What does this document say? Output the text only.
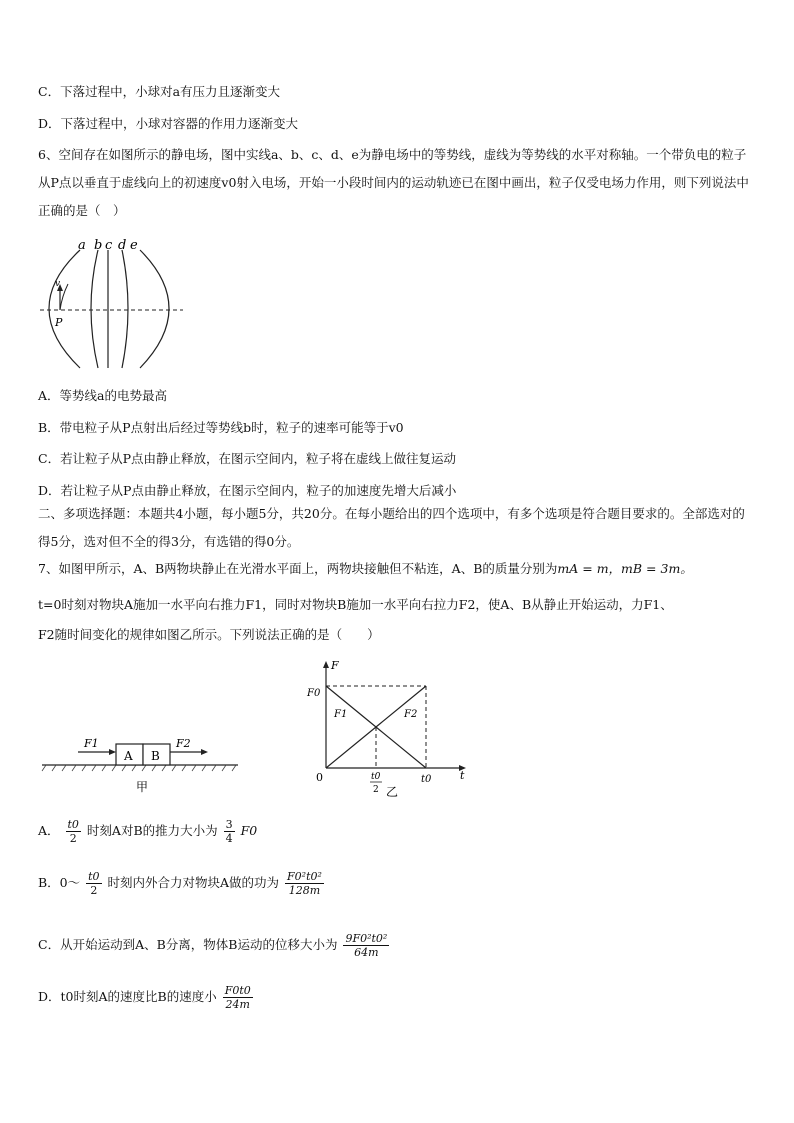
C．下落过程中，小球对a有压力且逐渐变大
D．下落过程中，小球对容器的作用力逐渐变大
6、空间存在如图所示的静电场，图中实线a、b、c、d、e为静电场中的等势线，虚线为等势线的水平对称轴。一个带负电的粒子从P点以垂直于虚线向上的初速度v0射入电场，开始一小段时间内的运动轨迹已在图中画出，粒子仅受电场力作用，则下列说法中正确的是（　）
a b c d e
P
v
A．等势线a的电势最高
B．带电粒子从P点射出后经过等势线b时，粒子的速率可能等于v0
C．若让粒子从P点由静止释放，在图示空间内，粒子将在虚线上做往复运动
D．若让粒子从P点由静止释放，在图示空间内，粒子的加速度先增大后减小
二、多项选择题：本题共4小题，每小题5分，共20分。在每小题给出的四个选项中，有多个选项是符合题目要求的。全部选对的得5分，选对但不全的得3分，有选错的得0分。
7、如图甲所示，A、B两物块静止在光滑水平面上，两物块接触但不粘连，A、B的质量分别为mA = m，mB = 3m。
t=0时刻对物块A施加一水平向右推力F1，同时对物块B施加一水平向右拉力F2，使A、B从静止开始运动，力F1、
F2随时间变化的规律如图乙所示。下列说法正确的是（　　）
A B
F1	F2
甲
F
t
0
F0
F1	F2
t0
t0
2 乙
A． $\frac{t0}{2}$ 时刻A对B的推力大小为 $\frac{3}{4} F0$
B．0～ $\frac{t0}{2}$ 时刻内外合力对物块A做的功为 $\frac{\text{F0²t0²}}{128m}$
C．从开始运动到A、B分离，物体B运动的位移大小为 $\frac{\text{9F0²t0²}}{64m}$
D．t0时刻A的速度比B的速度小 $\frac{F0t0}{24m}$
